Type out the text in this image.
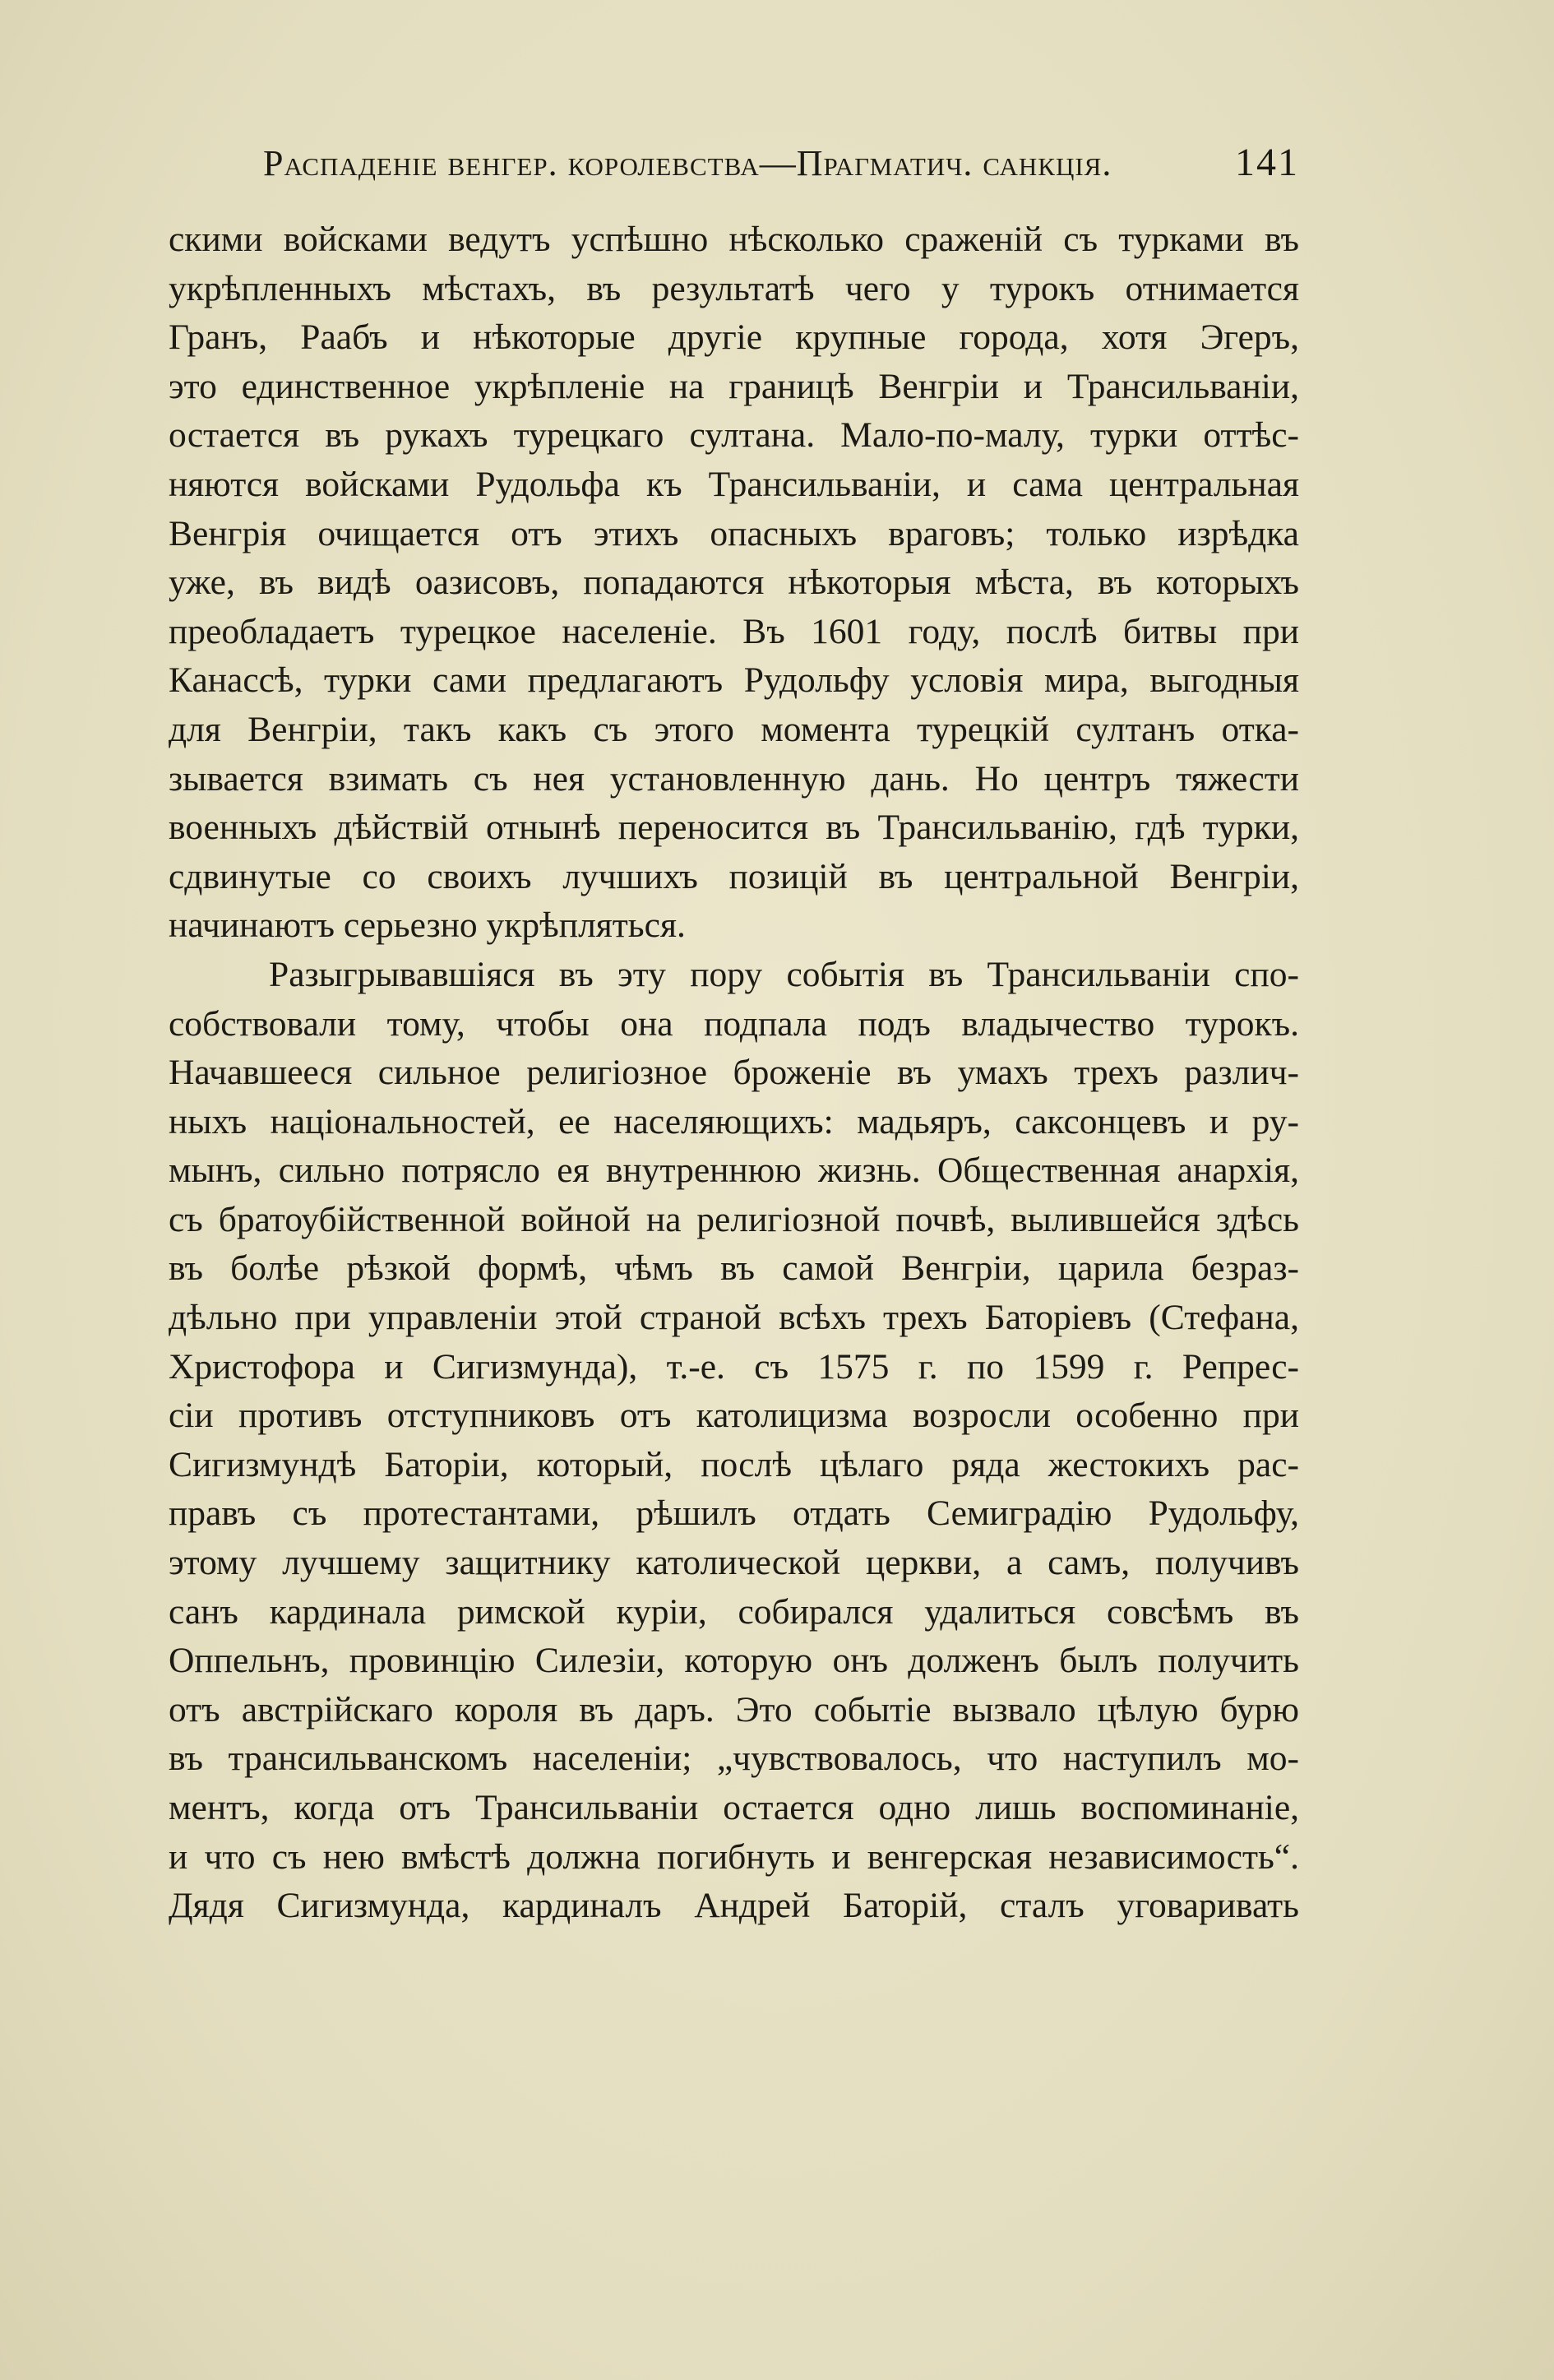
Распаденіе венгер. королевства—Прагматич. санкція.	141
скими войсками ведутъ успѣшно нѣсколько сраженій съ турками въ
укрѣпленныхъ мѣстахъ, въ результатѣ чего у турокъ отнимается
Гранъ, Раабъ и нѣкоторые другіе крупные города, хотя Эгеръ,
это единственное укрѣпленіе на границѣ Венгріи и Трансильваніи,
остается въ рукахъ турецкаго султана. Мало-по-малу, турки оттѣс-
няются войсками Рудольфа къ Трансильваніи, и сама центральная
Венгрія очищается отъ этихъ опасныхъ враговъ; только изрѣдка
уже, въ видѣ оазисовъ, попадаются нѣкоторыя мѣста, въ которыхъ
преобладаетъ турецкое населеніе. Въ 1601 году, послѣ битвы при
Канассѣ, турки сами предлагаютъ Рудольфу условія мира, выгодныя
для Венгріи, такъ какъ съ этого момента турецкій султанъ отка-
зывается взимать съ нея установленную дань. Но центръ тяжести
военныхъ дѣйствій отнынѣ переносится въ Трансильванію, гдѣ турки,
сдвинутые со своихъ лучшихъ позицій въ центральной Венгріи,
начинаютъ серьезно укрѣпляться.
Разыгрывавшіяся въ эту пору событія въ Трансильваніи спо-
собствовали тому, чтобы она подпала подъ владычество турокъ.
Начавшееся сильное религіозное броженіе въ умахъ трехъ различ-
ныхъ національностей, ее населяющихъ: мадьяръ, саксонцевъ и ру-
мынъ, сильно потрясло ея внутреннюю жизнь. Общественная анархія,
съ братоубійственной войной на религіозной почвѣ, вылившейся здѣсь
въ болѣе рѣзкой формѣ, чѣмъ въ самой Венгріи, царила безраз-
дѣльно при управленіи этой страной всѣхъ трехъ Баторіевъ (Стефана,
Христофора и Сигизмунда), т.-е. съ 1575 г. по 1599 г. Репрес-
сіи противъ отступниковъ отъ католицизма возросли особенно при
Сигизмундѣ Баторіи, который, послѣ цѣлаго ряда жестокихъ рас-
правъ съ протестантами, рѣшилъ отдать Семиградію Рудольфу,
этому лучшему защитнику католической церкви, а самъ, получивъ
санъ кардинала римской куріи, собирался удалиться совсѣмъ въ
Оппельнъ, провинцію Силезіи, которую онъ долженъ былъ получить
отъ австрійскаго короля въ даръ. Это событіе вызвало цѣлую бурю
въ трансильванскомъ населеніи; „чувствовалось, что наступилъ мо-
ментъ, когда отъ Трансильваніи остается одно лишь воспоминаніе,
и что съ нею вмѣстѣ должна погибнуть и венгерская независимость“.
Дядя Сигизмунда, кардиналъ Андрей Баторій, сталъ уговаривать
